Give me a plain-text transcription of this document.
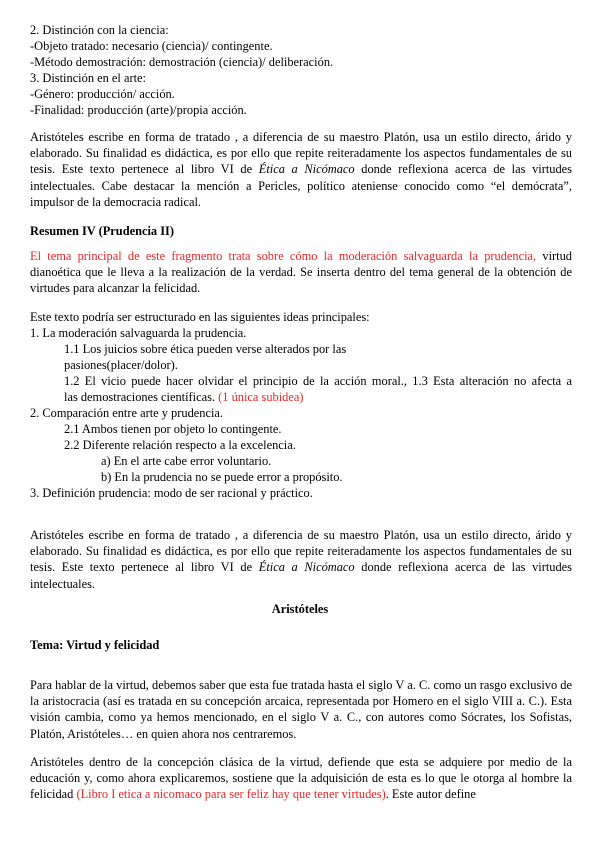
2. Distinción con la ciencia:
-Objeto tratado: necesario (ciencia)/ contingente.
-Método demostración: demostración (ciencia)/ deliberación.
3. Distinción en el arte:
-Género: producción/ acción.
-Finalidad: producción (arte)/propia acción.
Aristóteles escribe en forma de tratado , a diferencia de su maestro Platón, usa un estilo directo, árido y elaborado. Su finalidad es didáctica, es por ello que repite reiteradamente los aspectos fundamentales de su tesis. Este texto pertenece al libro VI de Ética a Nicómaco donde reflexiona acerca de las virtudes intelectuales. Cabe destacar la mención a Pericles, político ateniense conocido como “el demócrata”, impulsor de la democracia radical.
Resumen IV (Prudencia II)
El tema principal de este fragmento trata sobre cómo la moderación salvaguarda la prudencia, virtud dianoética que le lleva a la realización de la verdad. Se inserta dentro del tema general de la obtención de virtudes para alcanzar la felicidad.
Este texto podría ser estructurado en las siguientes ideas principales:
1. La moderación salvaguarda la prudencia.
1.1 Los juicios sobre ética pueden verse alterados por las
pasiones(placer/dolor).
1.2 El vicio puede hacer olvidar el principio de la acción moral., 1.3 Esta alteración no afecta a
las demostraciones científicas. (1 única subidea)
2. Comparación entre arte y prudencia.
2.1 Ambos tienen por objeto lo contingente.
2.2 Diferente relación respecto a la excelencia.
a) En el arte cabe error voluntario.
b) En la prudencia no se puede error a propósito.
3. Definición prudencia: modo de ser racional y práctico.
Aristóteles escribe en forma de tratado , a diferencia de su maestro Platón, usa un estilo directo, árido y elaborado. Su finalidad es didáctica, es por ello que repite reiteradamente los aspectos fundamentales de su tesis. Este texto pertenece al libro VI de Ética a Nicómaco donde reflexiona acerca de las virtudes intelectuales.
Aristóteles
Tema: Virtud y felicidad
Para hablar de la virtud, debemos saber que esta fue tratada hasta el siglo V a. C. como un rasgo exclusivo de la aristocracia (así es tratada en su concepción arcaica, representada por Homero en el siglo VIII a. C.). Esta visión cambia, como ya hemos mencionado, en el siglo V a. C., con autores como Sócrates, los Sofistas, Platón, Aristóteles… en quien ahora nos centraremos.
Aristóteles dentro de la concepción clásica de la virtud, defiende que esta se adquiere por medio de la educación y, como ahora explicaremos, sostiene que la adquisición de esta es lo que le otorga al hombre la felicidad (Libro I etica a nicomaco para ser feliz hay que tener virtudes). Este autor define
